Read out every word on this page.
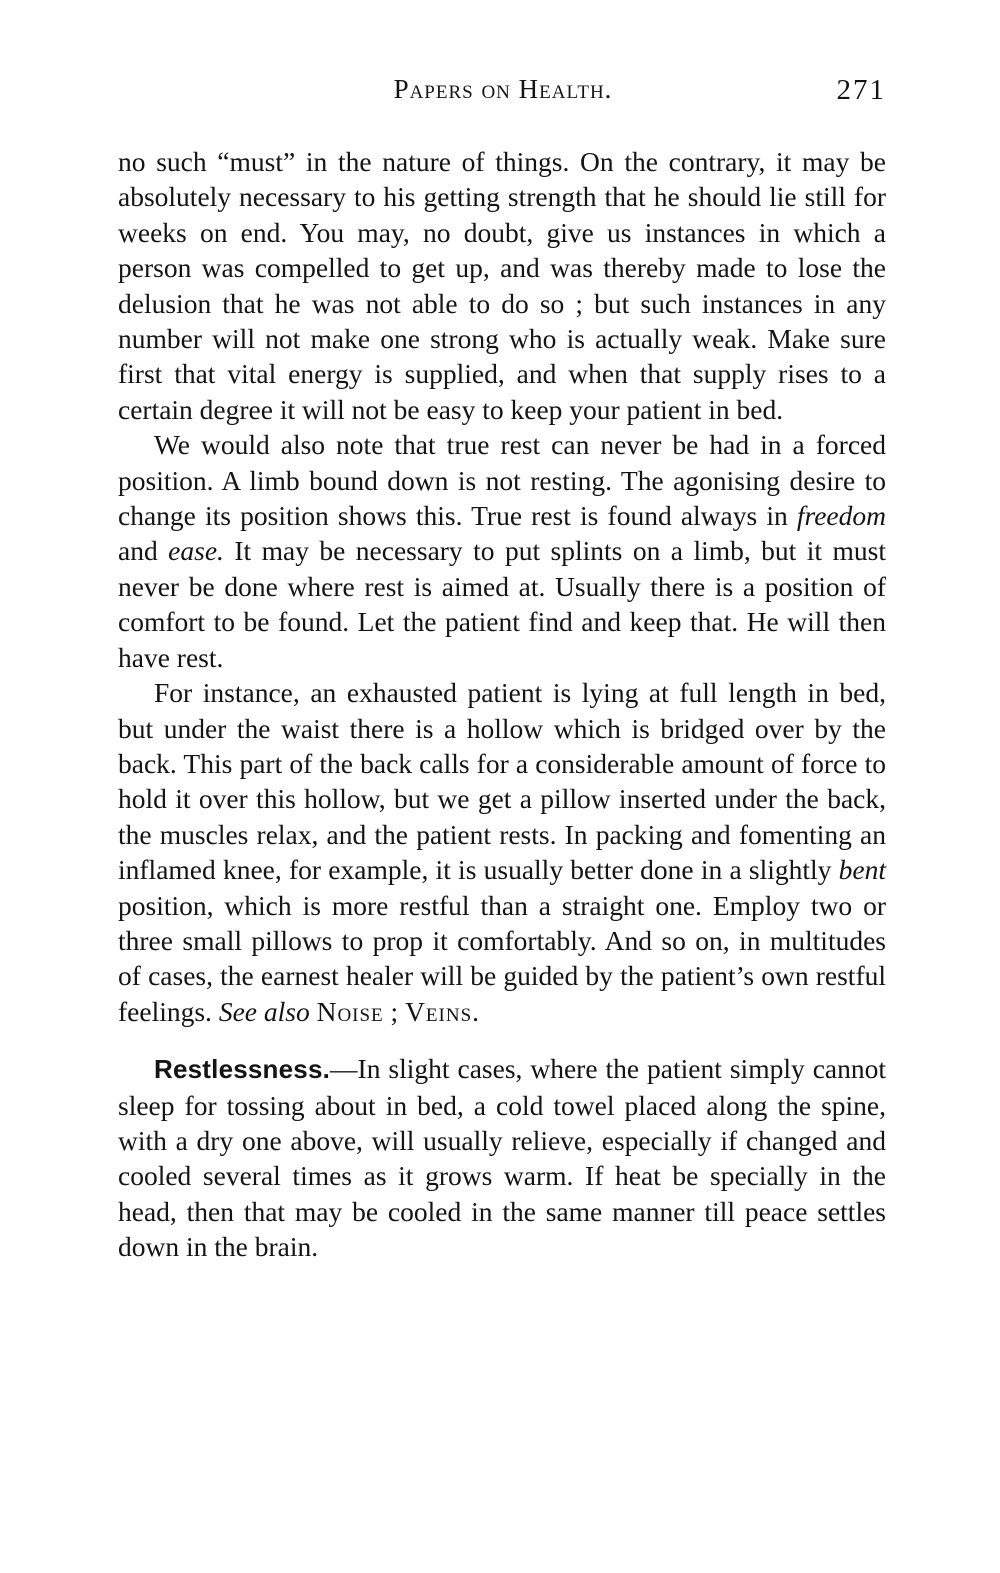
Papers on Health.	271

no such “must” in the nature of things. On the contrary, it may be absolutely necessary to his getting strength that he should lie still for weeks on end. You may, no doubt, give us instances in which a person was compelled to get up, and was thereby made to lose the delusion that he was not able to do so ; but such instances in any number will not make one strong who is actually weak. Make sure first that vital energy is supplied, and when that supply rises to a certain degree it will not be easy to keep your patient in bed.

We would also note that true rest can never be had in a forced position. A limb bound down is not resting. The agonising desire to change its position shows this. True rest is found always in freedom and ease. It may be necessary to put splints on a limb, but it must never be done where rest is aimed at. Usually there is a position of comfort to be found. Let the patient find and keep that. He will then have rest.

For instance, an exhausted patient is lying at full length in bed, but under the waist there is a hollow which is bridged over by the back. This part of the back calls for a considerable amount of force to hold it over this hollow, but we get a pillow inserted under the back, the muscles relax, and the patient rests. In packing and fomenting an inflamed knee, for example, it is usually better done in a slightly bent position, which is more restful than a straight one. Employ two or three small pillows to prop it comfortably. And so on, in multitudes of cases, the earnest healer will be guided by the patient’s own restful feelings. See also Noise ; Veins.

Restlessness.—In slight cases, where the patient simply cannot sleep for tossing about in bed, a cold towel placed along the spine, with a dry one above, will usually relieve, especially if changed and cooled several times as it grows warm. If heat be specially in the head, then that may be cooled in the same manner till peace settles down in the brain.
